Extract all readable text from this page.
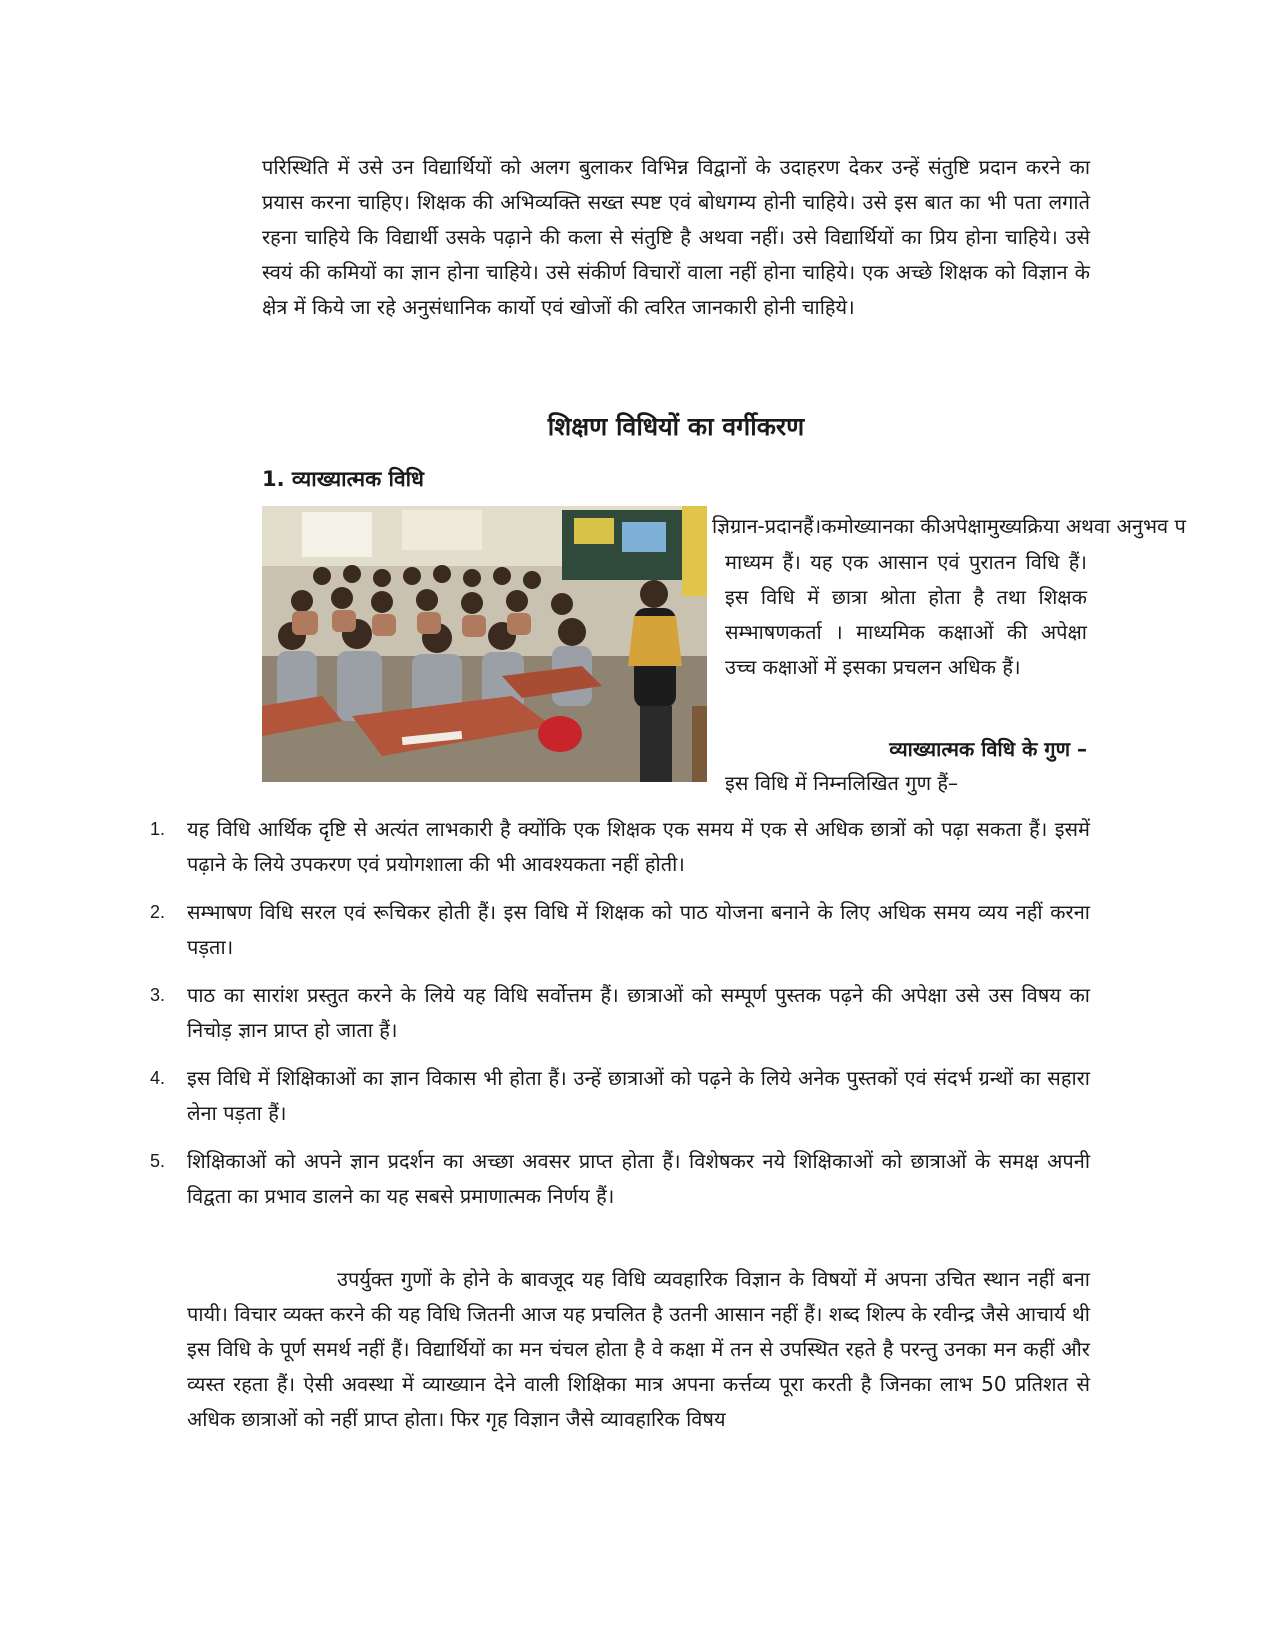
परिस्थिति में उसे उन विद्यार्थियों को अलग बुलाकर विभिन्न विद्वानों के उदाहरण देकर उन्हें संतुष्टि प्रदान करने का प्रयास करना चाहिए। शिक्षक की अभिव्यक्ति सख्त स्पष्ट एवं बोधगम्य होनी चाहिये। उसे इस बात का भी पता लगाते रहना चाहिये कि विद्यार्थी उसके पढ़ाने की कला से संतुष्टि है अथवा नहीं। उसे विद्यार्थियों का प्रिय होना चाहिये। उसे स्वयं की कमियों का ज्ञान होना चाहिये। उसे संकीर्ण विचारों वाला नहीं होना चाहिये। एक अच्छे शिक्षक को विज्ञान के क्षेत्र में किये जा रहे अनुसंधानिक कार्यो एवं खोजों की त्वरित जानकारी होनी चाहिये।

शिक्षण विधियों का वर्गीकरण
1. व्याख्यात्मक विधि
ज्ञिग्रान-प्रदानहैं।कमोख्यानका कीअपेक्षामुख्यक्रिया अथवा अनुभव प

माध्यम हैं। यह एक आसान एवं पुरातन विधि हैं। इस विधि में छात्रा श्रोता होता है तथा शिक्षक सम्भाषणकर्ता । माध्यमिक कक्षाओं की अपेक्षा उच्च कक्षाओं में इसका प्रचलन अधिक हैं।

व्याख्यात्मक विधि के गुण –
इस विधि में निम्नलिखित गुण हैं–
1. यह विधि आर्थिक दृष्टि से अत्यंत लाभकारी है क्योंकि एक शिक्षक एक समय में एक से अधिक छात्रों को पढ़ा सकता हैं। इसमें पढ़ाने के लिये उपकरण एवं प्रयोगशाला की भी आवश्यकता नहीं होती।
2. सम्भाषण विधि सरल एवं रूचिकर होती हैं। इस विधि में शिक्षक को पाठ योजना बनाने के लिए अधिक समय व्यय नहीं करना पड़ता।
3. पाठ का सारांश प्रस्तुत करने के लिये यह विधि सर्वोत्तम हैं। छात्राओं को सम्पूर्ण पुस्तक पढ़ने की अपेक्षा उसे उस विषय का निचोड़ ज्ञान प्राप्त हो जाता हैं।
4. इस विधि में शिक्षिकाओं का ज्ञान विकास भी होता हैं। उन्हें छात्राओं को पढ़ने के लिये अनेक पुस्तकों एवं संदर्भ ग्रन्थों का सहारा लेना पड़ता हैं।
5. शिक्षिकाओं को अपने ज्ञान प्रदर्शन का अच्छा अवसर प्राप्त होता हैं। विशेषकर नये शिक्षिकाओं को छात्राओं के समक्ष अपनी विद्वता का प्रभाव डालने का यह सबसे प्रमाणात्मक निर्णय हैं।

उपर्युक्त गुणों के होने के बावजूद यह विधि व्यवहारिक विज्ञान के विषयों में अपना उचित स्थान नहीं बना पायी। विचार व्यक्त करने की यह विधि जितनी आज यह प्रचलित है उतनी आसान नहीं हैं। शब्द शिल्प के रवीन्द्र जैसे आचार्य थी इस विधि के पूर्ण समर्थ नहीं हैं। विद्यार्थियों का मन चंचल होता है वे कक्षा में तन से उपस्थित रहते है परन्तु उनका मन कहीं और व्यस्त रहता हैं। ऐसी अवस्था में व्याख्यान देने वाली शिक्षिका मात्र अपना कर्त्तव्य पूरा करती है जिनका लाभ 50 प्रतिशत से अधिक छात्राओं को नहीं प्राप्त होता। फिर गृह विज्ञान जैसे व्यावहारिक विषय
